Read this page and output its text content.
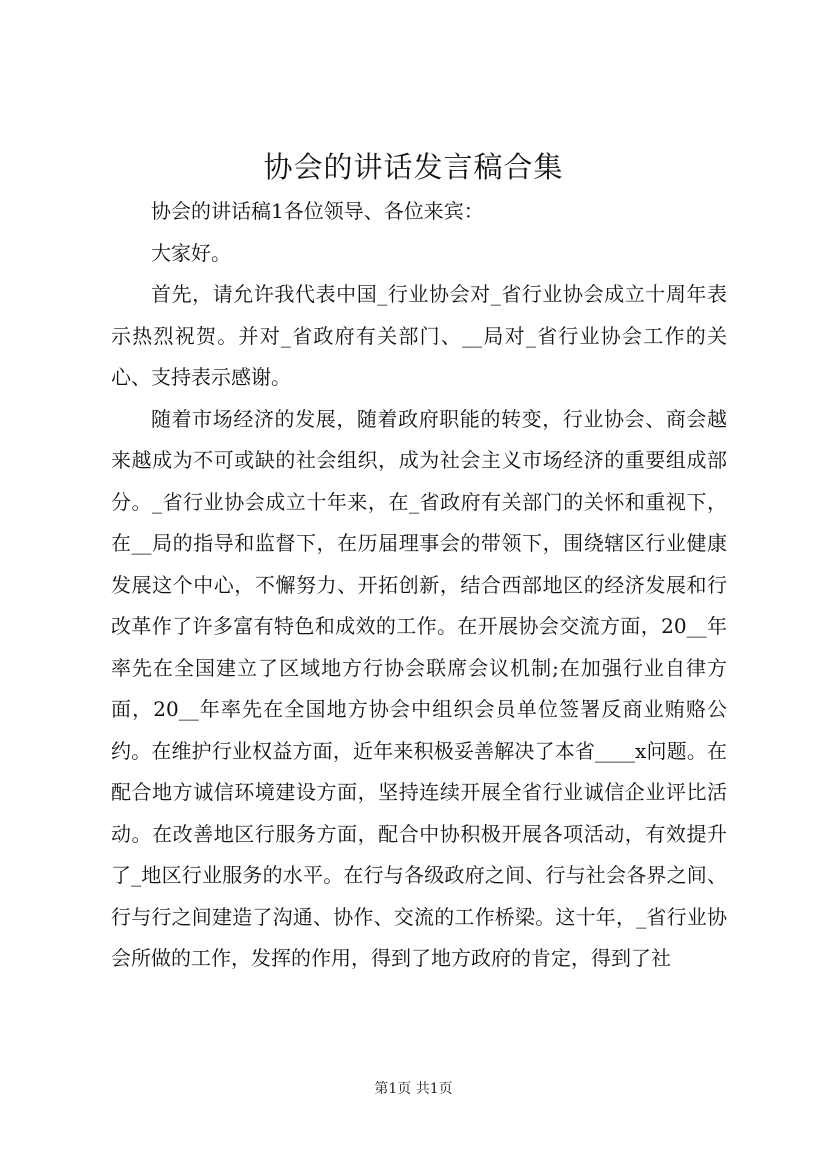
协会的讲话发言稿合集

协会的讲话稿1各位领导、各位来宾：

大家好。

首先，请允许我代表中国_行业协会对_省行业协会成立十周年表示热烈祝贺。并对_省政府有关部门、__局对_省行业协会工作的关心、支持表示感谢。

随着市场经济的发展，随着政府职能的转变，行业协会、商会越来越成为不可或缺的社会组织，成为社会主义市场经济的重要组成部分。_省行业协会成立十年来，在_省政府有关部门的关怀和重视下，在__局的指导和监督下，在历届理事会的带领下，围绕辖区行业健康发展这个中心，不懈努力、开拓创新，结合西部地区的经济发展和行改革作了许多富有特色和成效的工作。在开展协会交流方面，20__年率先在全国建立了区域地方行协会联席会议机制;在加强行业自律方面，20__年率先在全国地方协会中组织会员单位签署反商业贿赂公约。在维护行业权益方面，近年来积极妥善解决了本省____x问题。在配合地方诚信环境建设方面，坚持连续开展全省行业诚信企业评比活动。在改善地区行服务方面，配合中协积极开展各项活动，有效提升了_地区行业服务的水平。在行与各级政府之间、行与社会各界之间、行与行之间建造了沟通、协作、交流的工作桥梁。这十年，_省行业协会所做的工作，发挥的作用，得到了地方政府的肯定，得到了社

第1页 共1页
